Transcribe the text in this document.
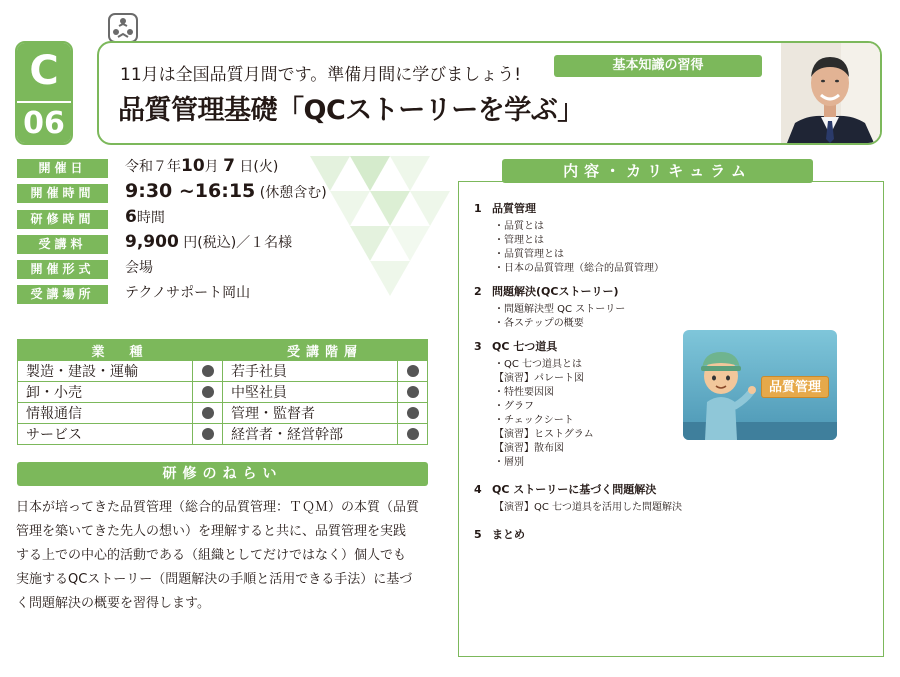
C
06
11月は全国品質月間です。準備月間に学びましょう!	基本知識の習得
品質管理基礎「QCストーリーを学ぶ」
開催日	令和７年10月 7 日(火)
開催時間	9:30 ~16:15 (休憩含む)
研修時間	6時間
受講料	9,900 円(税込)／１名様
開催形式	会場
受講場所	テクノサポート岡山
業　種		受講階層	
製造・建設・運輸		若手社員	
卸・小売		中堅社員	
情報通信		管理・監督者	
サービス		経営者・経営幹部	
研修のねらい
日本が培ってきた品質管理（総合的品質管理：ＴＱＭ）の本質（品質
管理を築いてきた先人の想い）を理解すると共に、品質管理を実践
する上での中心的活動である（組織としてだけではなく）個人でも
実施するQCストーリー（問題解決の手順と活用できる手法）に基づ
く問題解決の概要を習得します。
内容・カリキュラム
1 品質管理
・品質とは
・管理とは
・品質管理とは
・日本の品質管理（総合的品質管理）
2 問題解決(QCストーリー)
・問題解決型 QC ストーリー
・各ステップの概要
3 QC 七つ道具
・QC 七つ道具とは
【演習】パレート図
・特性要因図
・グラフ
・チェックシート
【演習】ヒストグラム
【演習】散布図
・層別
4 QC ストーリーに基づく問題解決
【演習】QC 七つ道具を活用した問題解決
5 まとめ
品質管理
